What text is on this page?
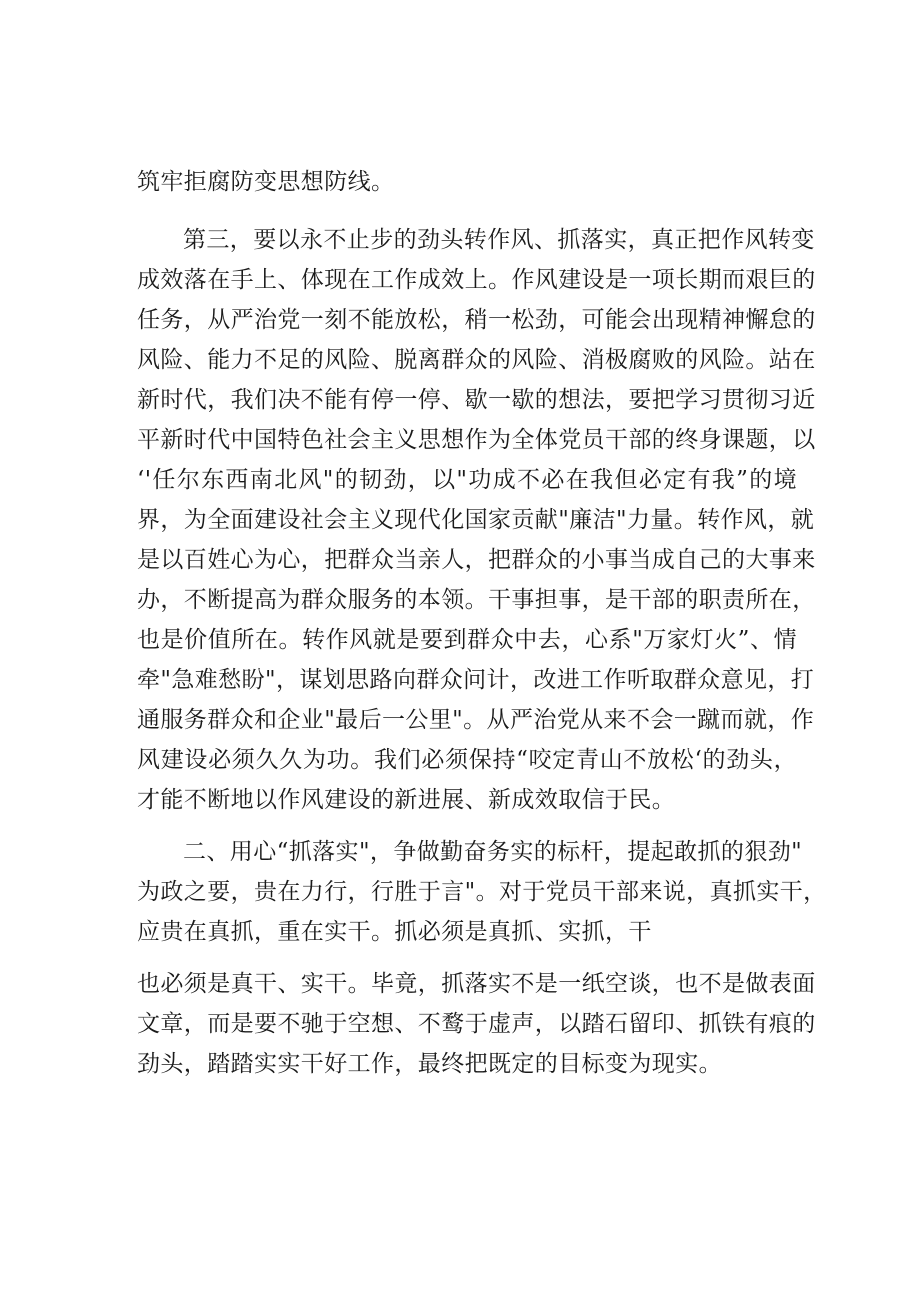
筑牢拒腐防变思想防线。
第三，要以永不止步的劲头转作风、抓落实，真正把作风转变
成效落在手上、体现在工作成效上。作风建设是一项长期而艰巨的
任务，从严治党一刻不能放松，稍一松劲，可能会出现精神懈怠的
风险、能力不足的风险、脱离群众的风险、消极腐败的风险。站在
新时代，我们决不能有停一停、歇一歇的想法，要把学习贯彻习近
平新时代中国特色社会主义思想作为全体党员干部的终身课题，以
‘'任尔东西南北风"的韧劲，以"功成不必在我但必定有我”的境
界，为全面建设社会主义现代化国家贡献"廉洁"力量。转作风，就
是以百姓心为心，把群众当亲人，把群众的小事当成自己的大事来
办，不断提高为群众服务的本领。干事担事，是干部的职责所在，
也是价值所在。转作风就是要到群众中去，心系"万家灯火”、情
牵"急难愁盼"，谋划思路向群众问计，改进工作听取群众意见，打
通服务群众和企业"最后一公里"。从严治党从来不会一蹴而就，作
风建设必须久久为功。我们必须保持“咬定青山不放松‘的劲头，
才能不断地以作风建设的新进展、新成效取信于民。
二、用心“抓落实"，争做勤奋务实的标杆，提起敢抓的狠劲"
为政之要，贵在力行，行胜于言"。对于党员干部来说，真抓实干，
应贵在真抓，重在实干。抓必须是真抓、实抓，干
也必须是真干、实干。毕竟，抓落实不是一纸空谈，也不是做表面
文章，而是要不驰于空想、不鹜于虚声，以踏石留印、抓铁有痕的
劲头，踏踏实实干好工作，最终把既定的目标变为现实。
